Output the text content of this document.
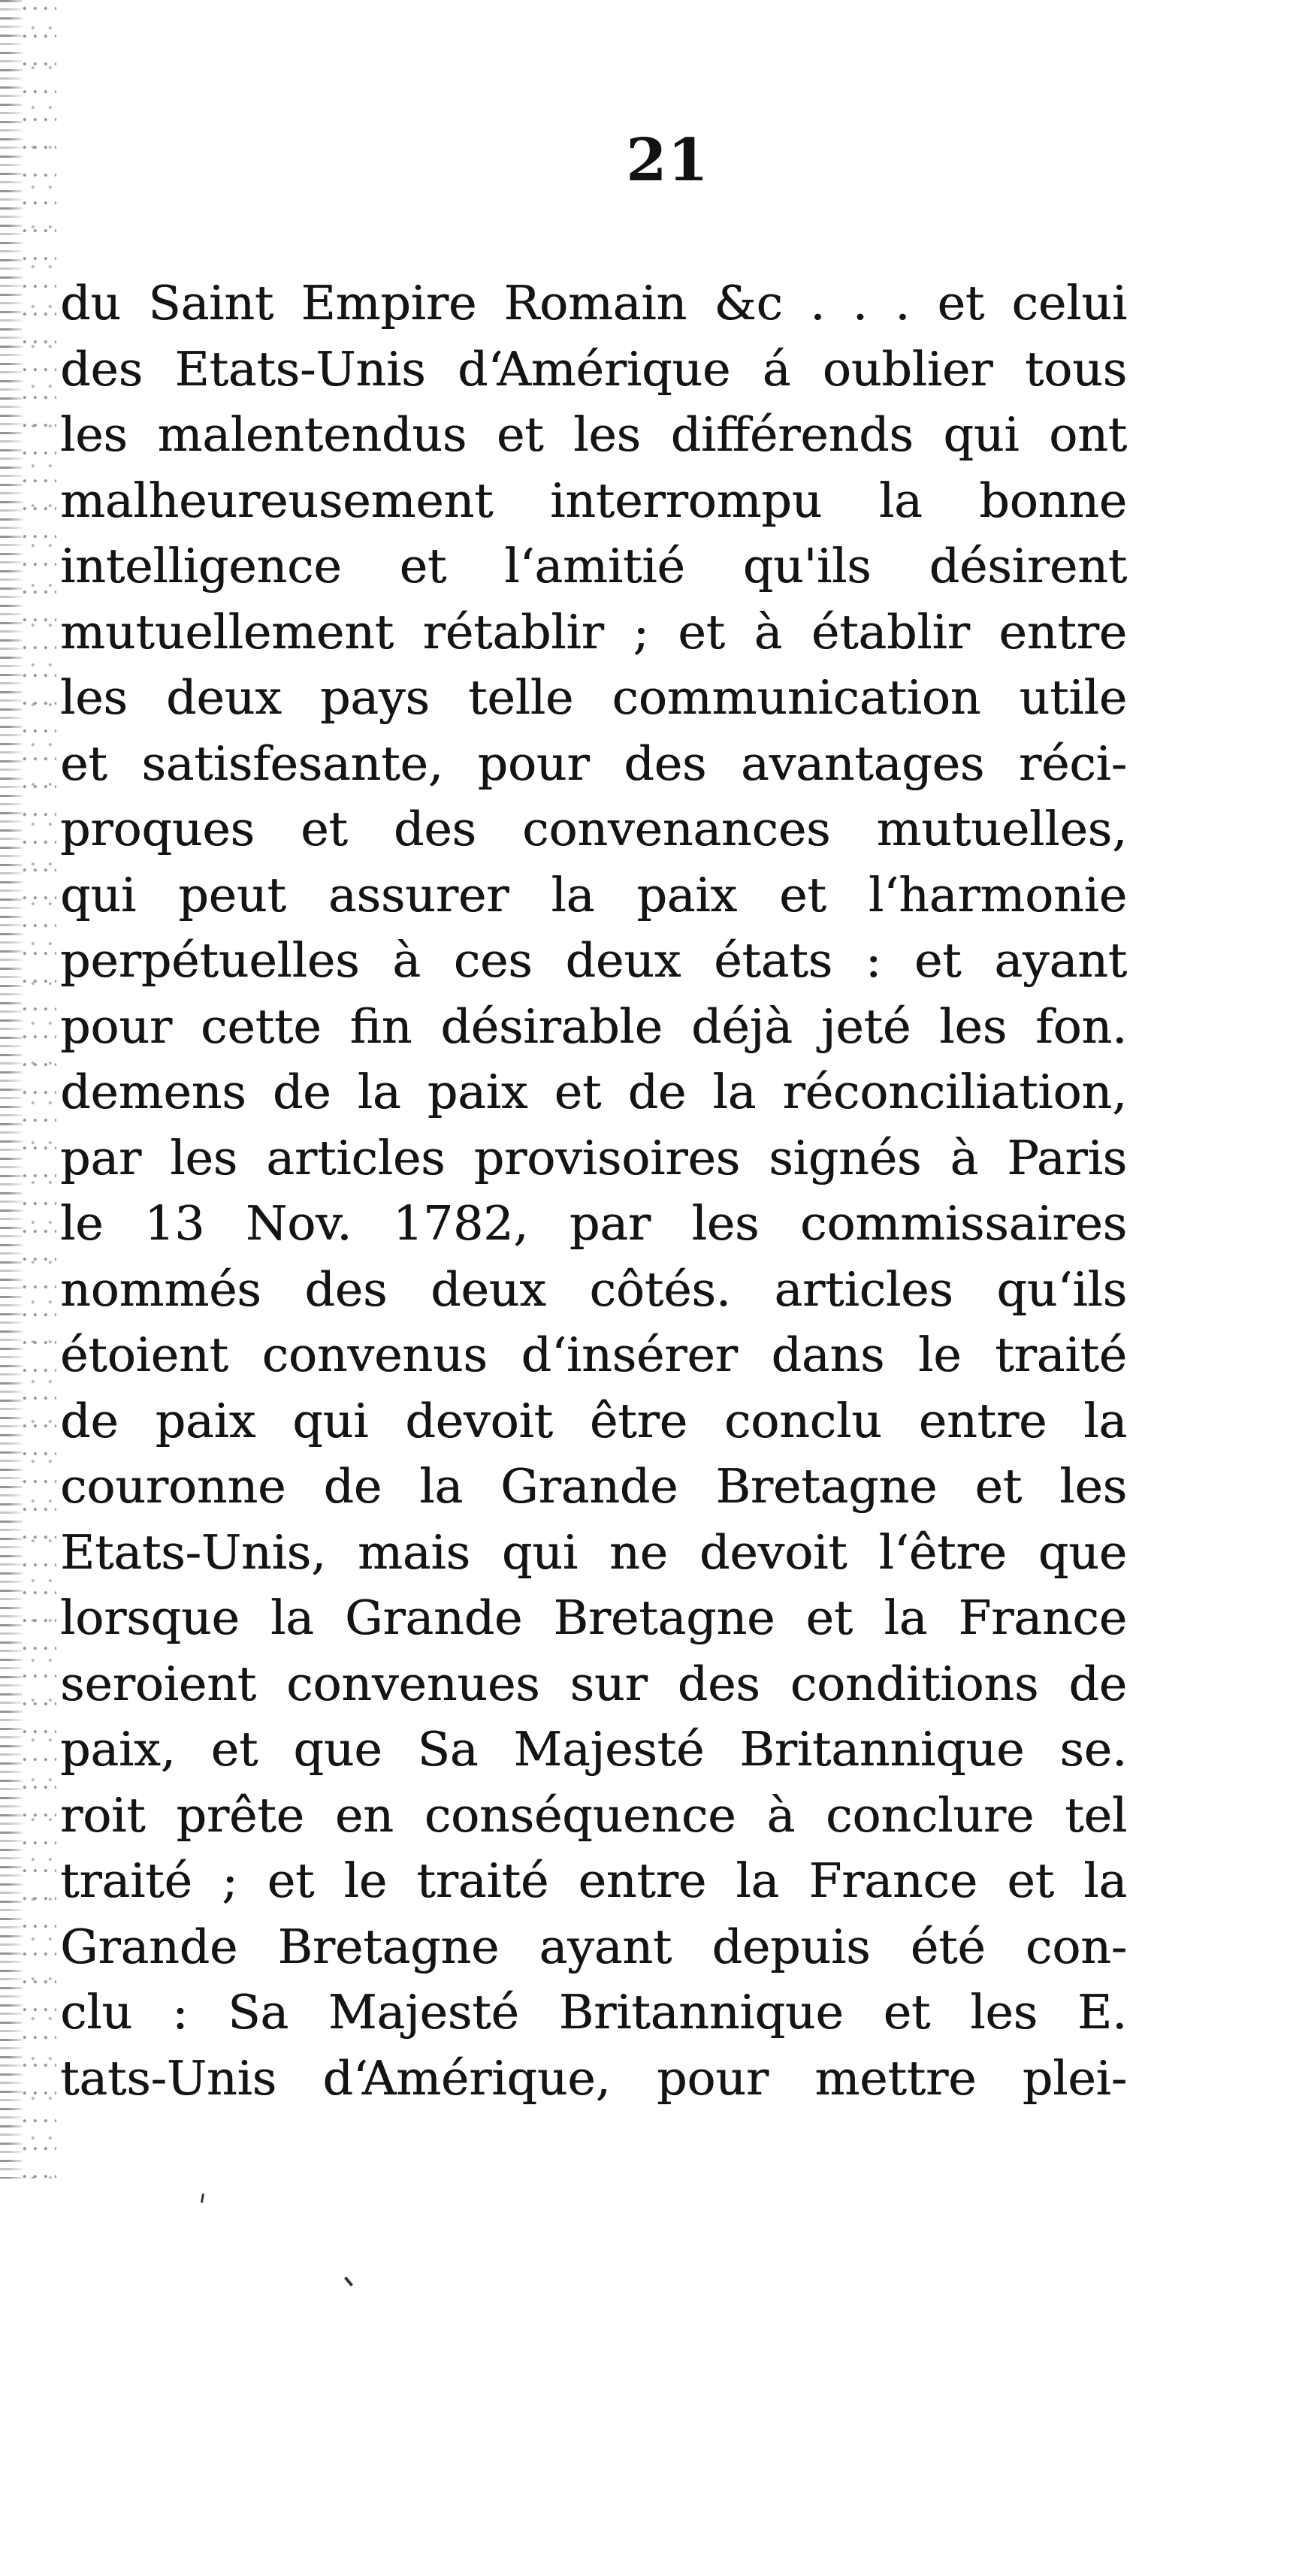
21
du Saint Empire Romain &c . . . et celui
des Etats-Unis d‘Amérique á oublier tous
les malentendus et les différends qui ont
malheureusement interrompu la bonne
intelligence et l‘amitié qu'ils désirent
mutuellement rétablir ; et à établir entre
les deux pays telle communication utile
et satisfesante, pour des avantages réci-
proques et des convenances mutuelles,
qui peut assurer la paix et l‘harmonie
perpétuelles à ces deux états : et ayant
pour cette fin désirable déjà jeté les fon.
demens de la paix et de la réconciliation,
par les articles provisoires signés à Paris
le 13 Nov. 1782, par les commissaires
nommés des deux côtés. articles qu‘ils
étoient convenus d‘insérer dans le traité
de paix qui devoit être conclu entre la
couronne de la Grande Bretagne et les
Etats-Unis, mais qui ne devoit l‘être que
lorsque la Grande Bretagne et la France
seroient convenues sur des conditions de
paix, et que Sa Majesté Britannique se.
roit prête en conséquence à conclure tel
traité ; et le traité entre la France et la
Grande Bretagne ayant depuis été con-
clu : Sa Majesté Britannique et les E.
tats-Unis d‘Amérique, pour mettre plei-
